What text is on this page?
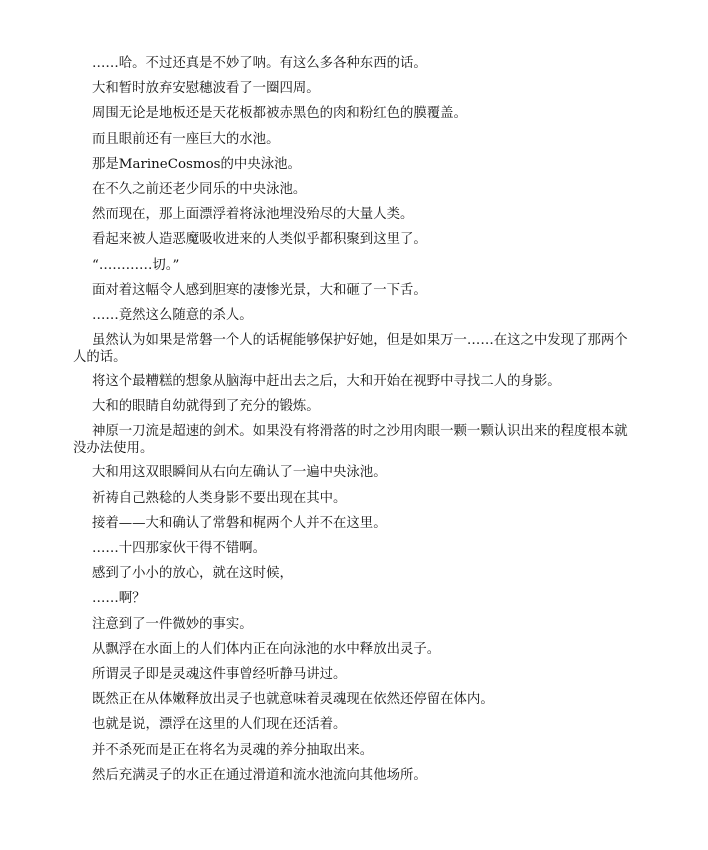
……哈。不过还真是不妙了呐。有这么多各种东西的话。

大和暂时放弃安慰穗波看了一圈四周。

周围无论是地板还是天花板都被赤黑色的肉和粉红色的膜覆盖。

而且眼前还有一座巨大的水池。

那是MarineCosmos的中央泳池。

在不久之前还老少同乐的中央泳池。

然而现在，那上面漂浮着将泳池埋没殆尽的大量人类。

看起来被人造恶魔吸收进来的人类似乎都积聚到这里了。

“…………切。”

面对着这幅令人感到胆寒的凄惨光景，大和砸了一下舌。

……竟然这么随意的杀人。

虽然认为如果是常磐一个人的话梶能够保护好她，但是如果万一……在这之中发现了那两个人的话。

将这个最糟糕的想象从脑海中赶出去之后，大和开始在视野中寻找二人的身影。

大和的眼睛自幼就得到了充分的锻炼。

神原一刀流是超速的剑术。如果没有将滑落的时之沙用肉眼一颗一颗认识出来的程度根本就没办法使用。

大和用这双眼瞬间从右向左确认了一遍中央泳池。

祈祷自己熟稔的人类身影不要出现在其中。

接着——大和确认了常磐和梶两个人并不在这里。

……十四那家伙干得不错啊。

感到了小小的放心，就在这时候，

……啊？

注意到了一件微妙的事实。

从飘浮在水面上的人们体内正在向泳池的水中释放出灵子。

所谓灵子即是灵魂这件事曾经听静马讲过。

既然正在从体嫩释放出灵子也就意味着灵魂现在依然还停留在体内。

也就是说，漂浮在这里的人们现在还活着。

并不杀死而是正在将名为灵魂的养分抽取出来。

然后充满灵子的水正在通过滑道和流水池流向其他场所。
